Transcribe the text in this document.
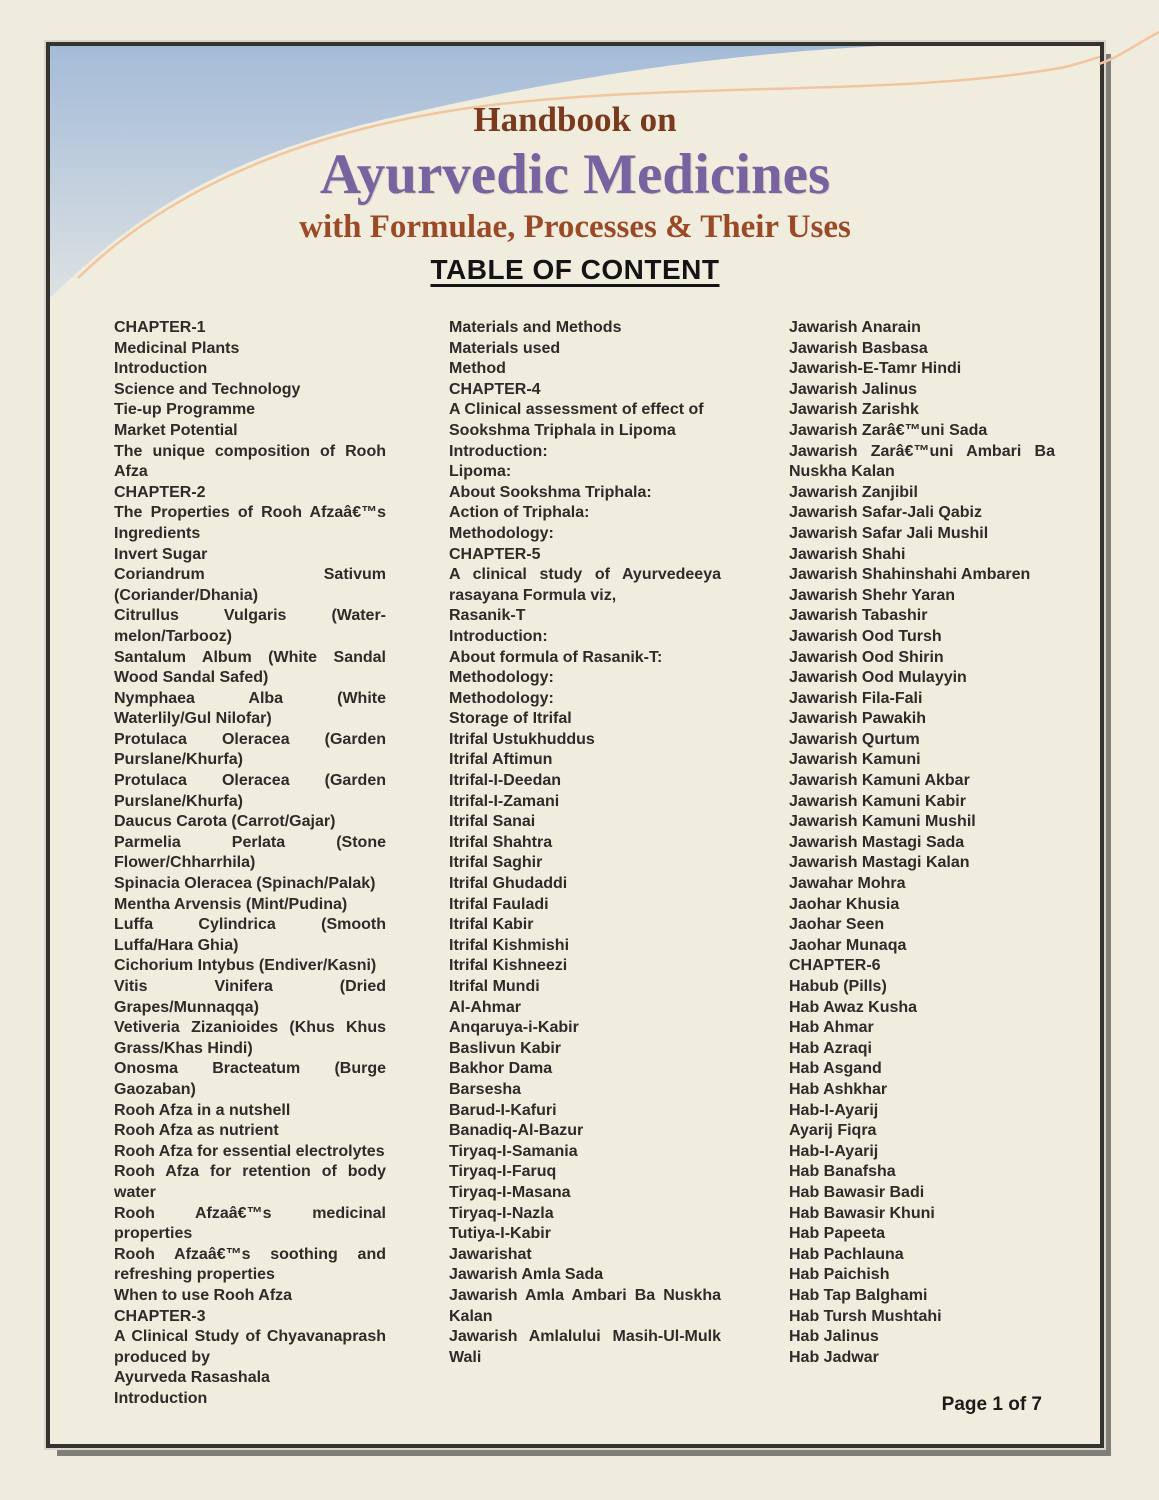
Handbook on
Ayurvedic Medicines
with Formulae, Processes & Their Uses
TABLE OF CONTENT

CHAPTER-1

Medicinal Plants

Introduction

Science and Technology

Tie-up Programme

Market Potential

The unique composition of Rooh Afza

CHAPTER-2

The Properties of Rooh Afzaâ€™s Ingredients

Invert Sugar

Coriandrum Sativum (Coriander/Dhania)

Citrullus Vulgaris (Water-melon/Tarbooz)

Santalum Album (White Sandal Wood Sandal Safed)

Nymphaea Alba (White Waterlily/Gul Nilofar)

Protulaca Oleracea (Garden Purslane/Khurfa)

Protulaca Oleracea (Garden Purslane/Khurfa)

Daucus Carota (Carrot/Gajar)

Parmelia Perlata (Stone Flower/Chharrhila)

Spinacia Oleracea (Spinach/Palak)

Mentha Arvensis (Mint/Pudina)

Luffa Cylindrica (Smooth Luffa/Hara Ghia)

Cichorium Intybus (Endiver/Kasni)

Vitis Vinifera (Dried Grapes/Munnaqqa)

Vetiveria Zizanioides (Khus Khus Grass/Khas Hindi)

Onosma Bracteatum (Burge Gaozaban)

Rooh Afza in a nutshell

Rooh Afza as nutrient

Rooh Afza for essential electrolytes

Rooh Afza for retention of body water

Rooh Afzaâ€™s medicinal properties

Rooh Afzaâ€™s soothing and refreshing properties

When to use Rooh Afza

CHAPTER-3

A Clinical Study of Chyavanaprash produced by

Ayurveda Rasashala

Introduction

Materials and Methods

Materials used

Method

CHAPTER-4

A Clinical assessment of effect of

Sookshma Triphala in Lipoma

Introduction:

Lipoma:

About Sookshma Triphala:

Action of Triphala:

Methodology:

CHAPTER-5

A clinical study of Ayurvedeeya rasayana Formula viz,

Rasanik-T

Introduction:

About formula of Rasanik-T:

Methodology:

Methodology:

Storage of Itrifal

Itrifal Ustukhuddus

Itrifal Aftimun

Itrifal-I-Deedan

Itrifal-I-Zamani

Itrifal Sanai

Itrifal Shahtra

Itrifal Saghir

Itrifal Ghudaddi

Itrifal Fauladi

Itrifal Kabir

Itrifal Kishmishi

Itrifal Kishneezi

Itrifal Mundi

Al-Ahmar

Anqaruya-i-Kabir

Baslivun Kabir

Bakhor Dama

Barsesha

Barud-I-Kafuri

Banadiq-Al-Bazur

Tiryaq-I-Samania

Tiryaq-I-Faruq

Tiryaq-I-Masana

Tiryaq-I-Nazla

Tutiya-I-Kabir

Jawarishat

Jawarish Amla Sada

Jawarish Amla Ambari Ba Nuskha Kalan

Jawarish Amlalului Masih-Ul-Mulk Wali

Jawarish Anarain

Jawarish Basbasa

Jawarish-E-Tamr Hindi

Jawarish Jalinus

Jawarish Zarishk

Jawarish Zarâ€™uni Sada

Jawarish Zarâ€™uni Ambari Ba Nuskha Kalan

Jawarish Zanjibil

Jawarish Safar-Jali Qabiz

Jawarish Safar Jali Mushil

Jawarish Shahi

Jawarish Shahinshahi Ambaren

Jawarish Shehr Yaran

Jawarish Tabashir

Jawarish Ood Tursh

Jawarish Ood Shirin

Jawarish Ood Mulayyin

Jawarish Fila-Fali

Jawarish Pawakih

Jawarish Qurtum

Jawarish Kamuni

Jawarish Kamuni Akbar

Jawarish Kamuni Kabir

Jawarish Kamuni Mushil

Jawarish Mastagi Sada

Jawarish Mastagi Kalan

Jawahar Mohra

Jaohar Khusia

Jaohar Seen

Jaohar Munaqa

CHAPTER-6

Habub (Pills)

Hab Awaz Kusha

Hab Ahmar

Hab Azraqi

Hab Asgand

Hab Ashkhar

Hab-I-Ayarij

Ayarij Fiqra

Hab-I-Ayarij

Hab Banafsha

Hab Bawasir Badi

Hab Bawasir Khuni

Hab Papeeta

Hab Pachlauna

Hab Paichish

Hab Tap Balghami

Hab Tursh Mushtahi

Hab Jalinus

Hab Jadwar

Page 1 of 7
